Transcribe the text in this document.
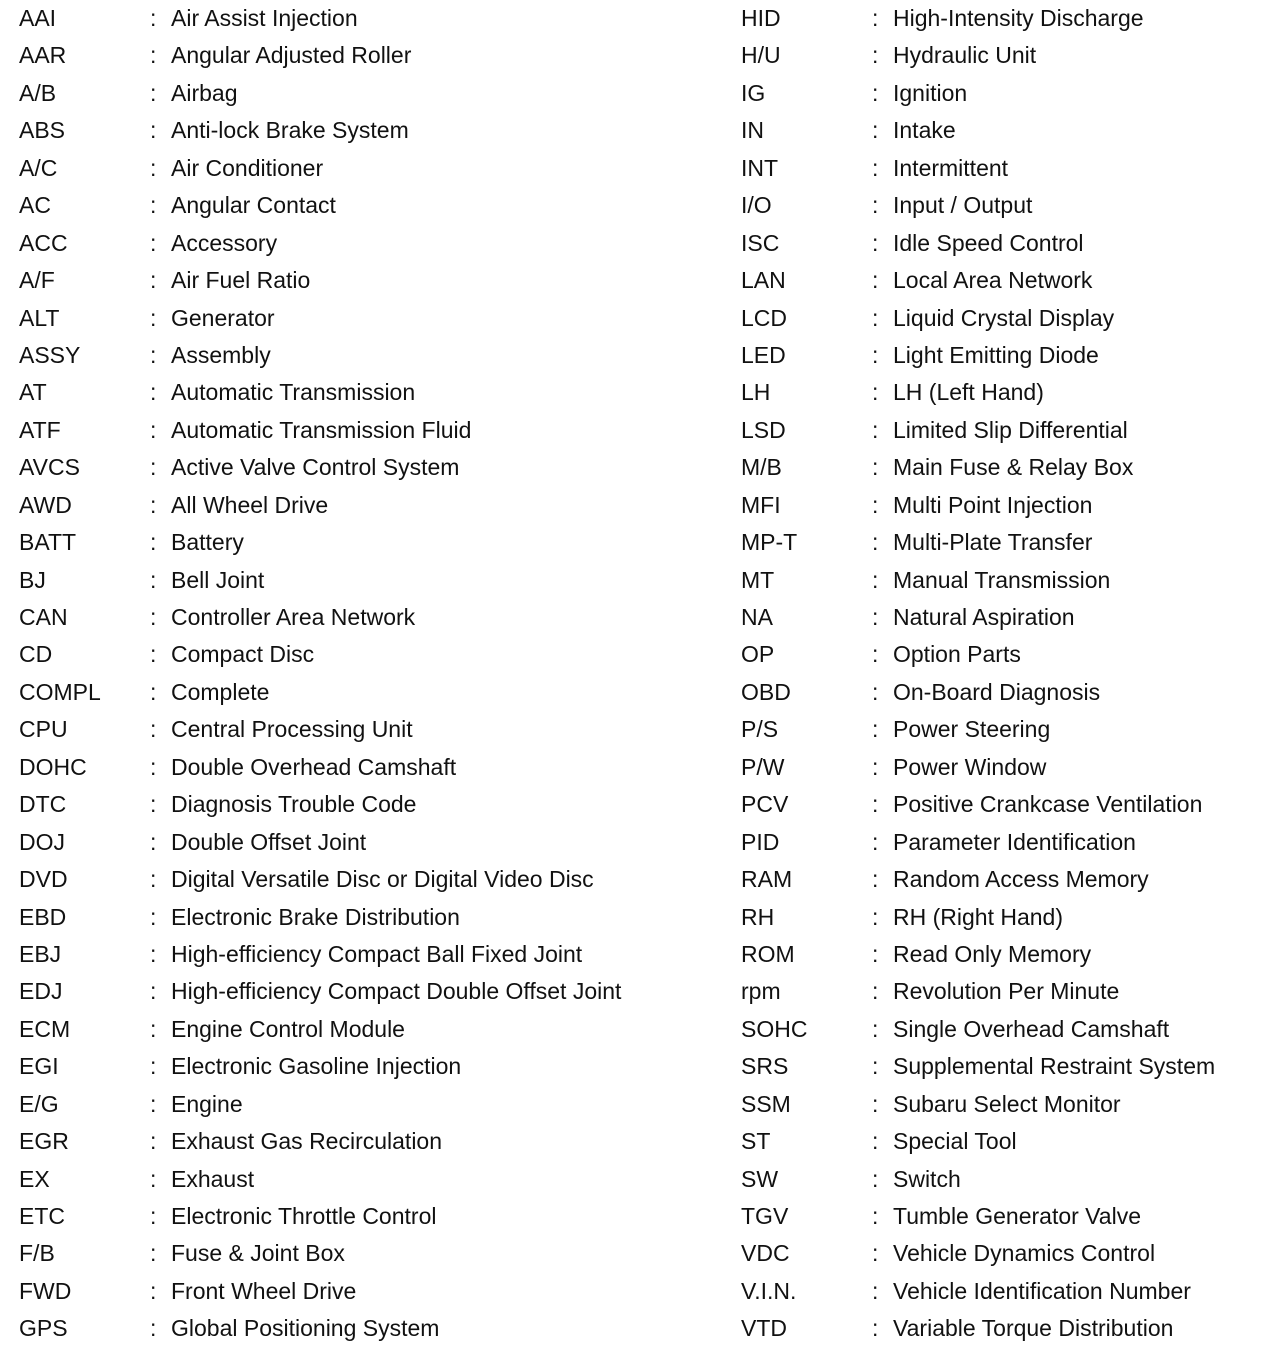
AAI	: Air Assist Injection
AAR	: Angular Adjusted Roller
A/B	: Airbag
ABS	: Anti-lock Brake System
A/C	: Air Conditioner
AC	: Angular Contact
ACC	: Accessory
A/F	: Air Fuel Ratio
ALT	: Generator
ASSY	: Assembly
AT	: Automatic Transmission
ATF	: Automatic Transmission Fluid
AVCS	: Active Valve Control System
AWD	: All Wheel Drive
BATT	: Battery
BJ	: Bell Joint
CAN	: Controller Area Network
CD	: Compact Disc
COMPL : Complete
CPU	: Central Processing Unit
DOHC	: Double Overhead Camshaft
DTC	: Diagnosis Trouble Code
DOJ	: Double Offset Joint
DVD	: Digital Versatile Disc or Digital Video Disc
EBD	: Electronic Brake Distribution
EBJ	: High-efficiency Compact Ball Fixed Joint
EDJ	: High-efficiency Compact Double Offset Joint
ECM	: Engine Control Module
EGI	: Electronic Gasoline Injection
E/G	: Engine
EGR	: Exhaust Gas Recirculation
EX	: Exhaust
ETC	: Electronic Throttle Control
F/B	: Fuse & Joint Box
FWD	: Front Wheel Drive
GPS	: Global Positioning System
HID	: High-Intensity Discharge
H/U	: Hydraulic Unit
IG	: Ignition
IN	: Intake
INT	: Intermittent
I/O	: Input / Output
ISC	: Idle Speed Control
LAN	: Local Area Network
LCD	: Liquid Crystal Display
LED	: Light Emitting Diode
LH	: LH (Left Hand)
LSD	: Limited Slip Differential
M/B	: Main Fuse & Relay Box
MFI	: Multi Point Injection
MP-T	: Multi-Plate Transfer
MT	: Manual Transmission
NA	: Natural Aspiration
OP	: Option Parts
OBD	: On-Board Diagnosis
P/S	: Power Steering
P/W	: Power Window
PCV	: Positive Crankcase Ventilation
PID	: Parameter Identification
RAM	: Random Access Memory
RH	: RH (Right Hand)
ROM	: Read Only Memory
rpm	: Revolution Per Minute
SOHC	: Single Overhead Camshaft
SRS	: Supplemental Restraint System
SSM	: Subaru Select Monitor
ST	: Special Tool
SW	: Switch
TGV	: Tumble Generator Valve
VDC	: Vehicle Dynamics Control
V.I.N.	: Vehicle Identification Number
VTD	: Variable Torque Distribution
